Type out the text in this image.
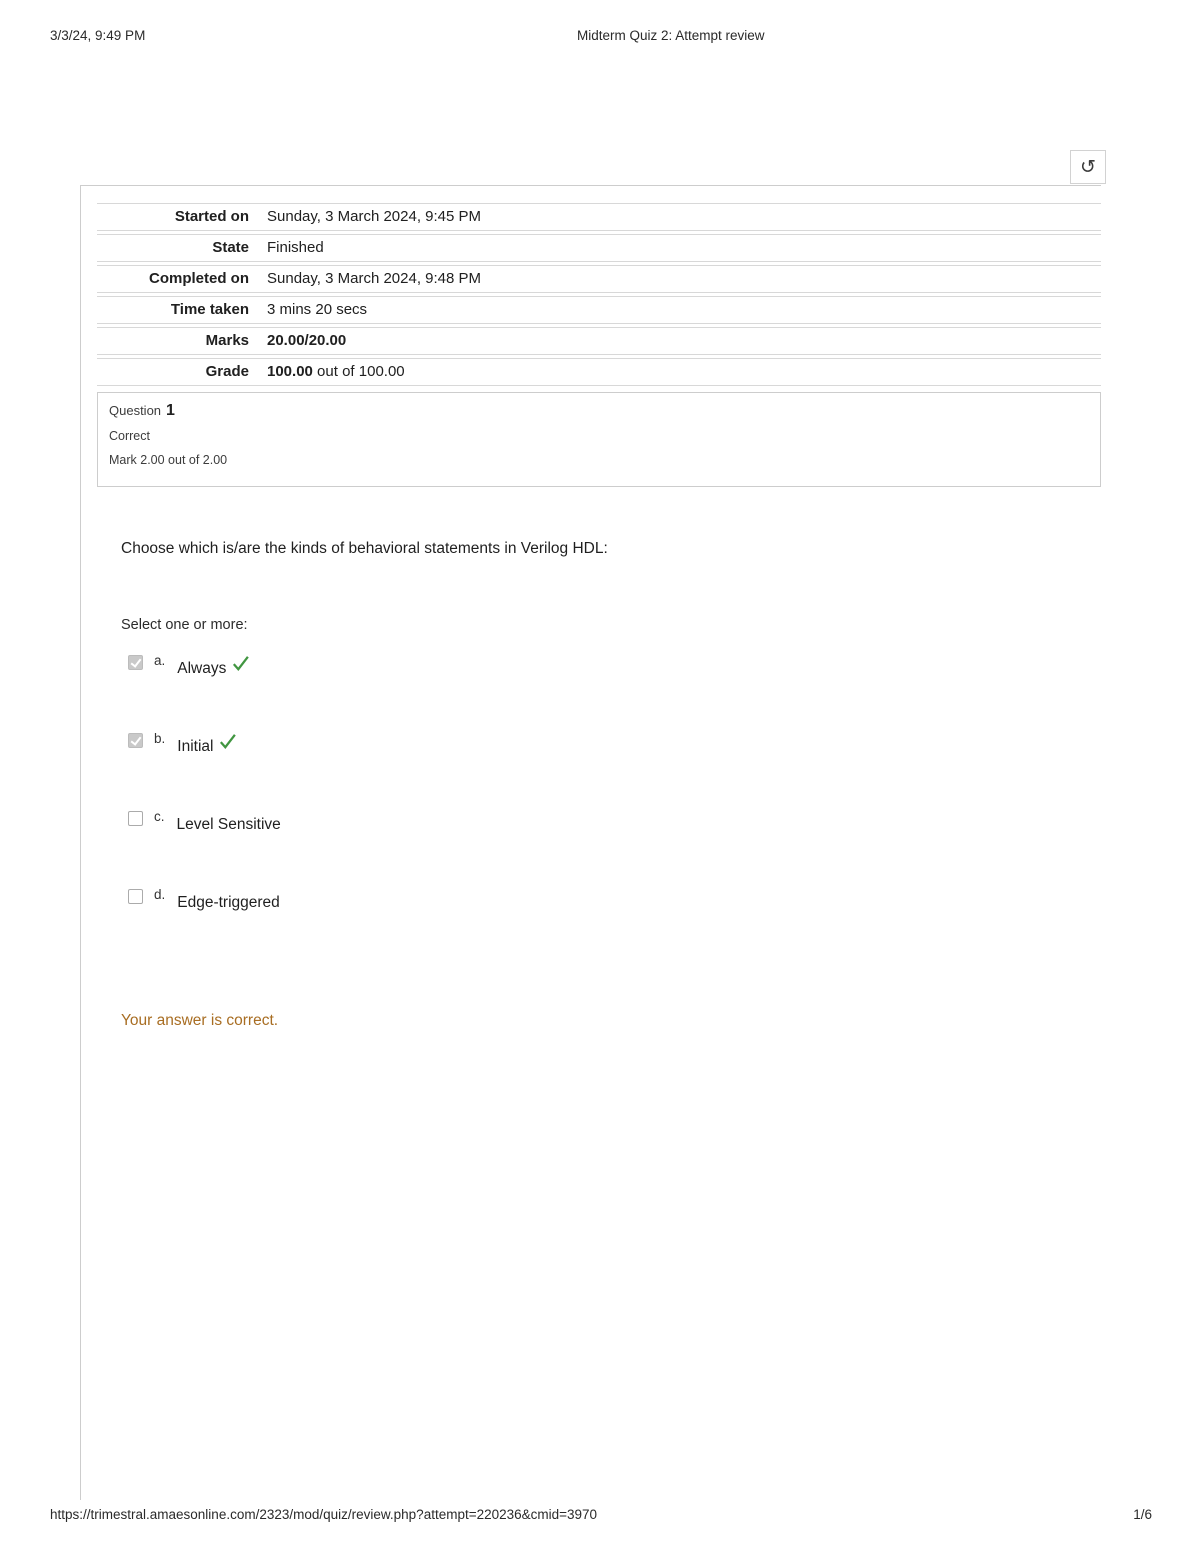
3/3/24, 9:49 PM	Midterm Quiz 2: Attempt review
↺
Started on	Sunday, 3 March 2024, 9:45 PM
State	Finished
Completed on	Sunday, 3 March 2024, 9:48 PM
Time taken	3 mins 20 secs
Marks	20.00/20.00
Grade	100.00 out of 100.00
Question 1
Correct
Mark 2.00 out of 2.00
Choose which is/are the kinds of behavioral statements in Verilog HDL:
Select one or more:
a. Always
b. Initial
c. Level Sensitive
d. Edge-triggered
Your answer is correct.
https://trimestral.amaesonline.com/2323/mod/quiz/review.php?attempt=220236&cmid=3970	1/6
